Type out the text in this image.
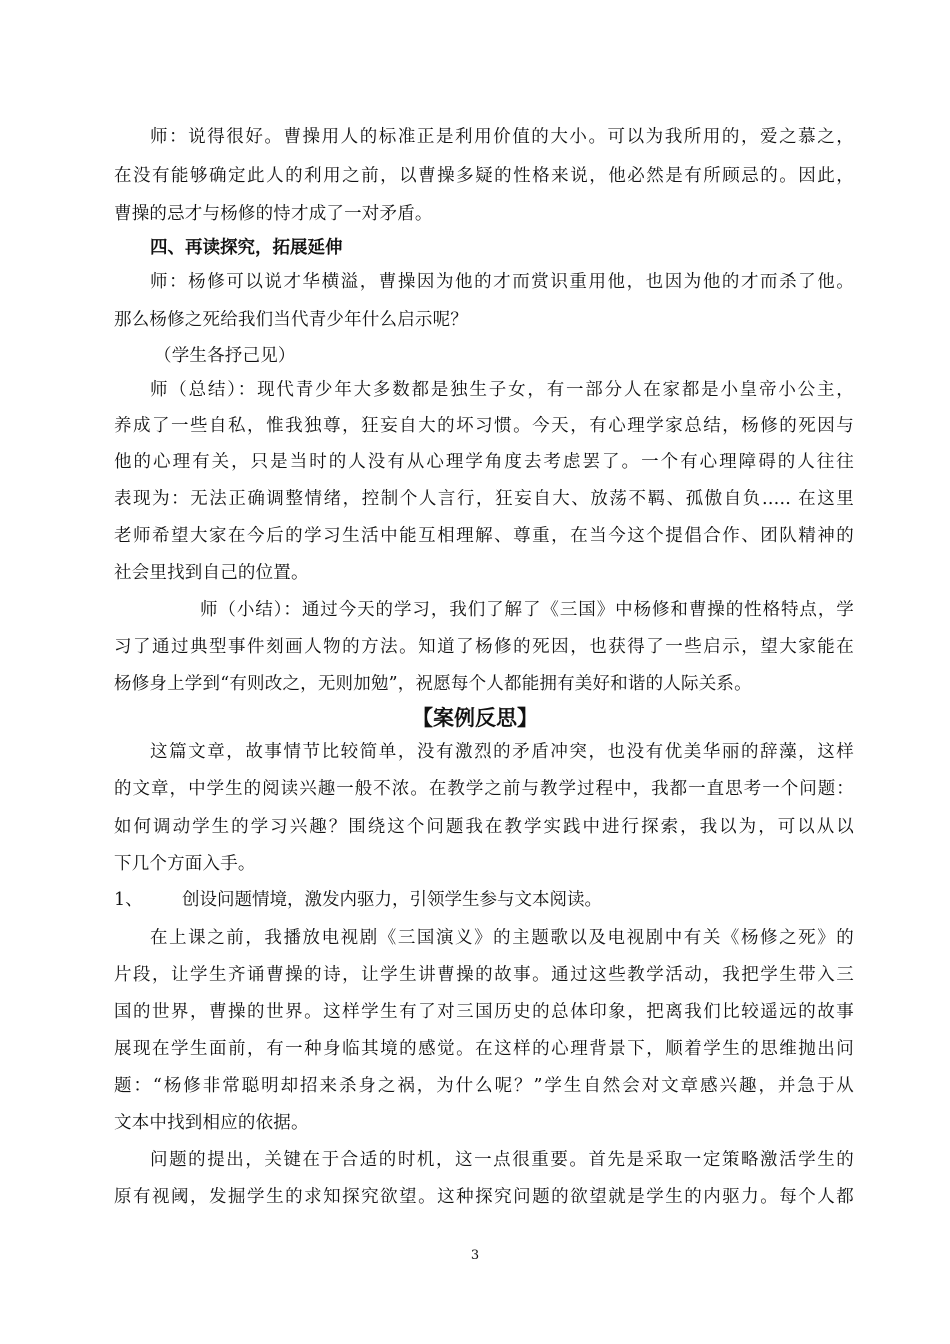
师：说得很好。曹操用人的标准正是利用价值的大小。可以为我所用的，爱之慕之，
在没有能够确定此人的利用之前，以曹操多疑的性格来说，他必然是有所顾忌的。因此，
曹操的忌才与杨修的恃才成了一对矛盾。
四、再读探究，拓展延伸
师：杨修可以说才华横溢，曹操因为他的才而赏识重用他，也因为他的才而杀了他。
那么杨修之死给我们当代青少年什么启示呢？
（学生各抒己见）
师（总结）：现代青少年大多数都是独生子女，有一部分人在家都是小皇帝小公主，
养成了一些自私，惟我独尊，狂妄自大的坏习惯。今天，有心理学家总结，杨修的死因与
他的心理有关，只是当时的人没有从心理学角度去考虑罢了。一个有心理障碍的人往往
表现为：无法正确调整情绪，控制个人言行，狂妄自大、放荡不羁、孤傲自负….. 在这里
老师希望大家在今后的学习生活中能互相理解、尊重，在当今这个提倡合作、团队精神的
社会里找到自己的位置。
师（小结）：通过今天的学习，我们了解了《三国》中杨修和曹操的性格特点，学
习了通过典型事件刻画人物的方法。知道了杨修的死因，也获得了一些启示，望大家能在
杨修身上学到“有则改之，无则加勉”，祝愿每个人都能拥有美好和谐的人际关系。
【案例反思】
这篇文章，故事情节比较简单，没有激烈的矛盾冲突，也没有优美华丽的辞藻，这样
的文章，中学生的阅读兴趣一般不浓。在教学之前与教学过程中，我都一直思考一个问题：
如何调动学生的学习兴趣？围绕这个问题我在教学实践中进行探索，我以为，可以从以
下几个方面入手。
1、 创设问题情境，激发内驱力，引领学生参与文本阅读。
在上课之前，我播放电视剧《三国演义》的主题歌以及电视剧中有关《杨修之死》的
片段，让学生齐诵曹操的诗，让学生讲曹操的故事。通过这些教学活动，我把学生带入三
国的世界，曹操的世界。这样学生有了对三国历史的总体印象，把离我们比较遥远的故事
展现在学生面前，有一种身临其境的感觉。在这样的心理背景下，顺着学生的思维抛出问
题：“杨修非常聪明却招来杀身之祸，为什么呢？”学生自然会对文章感兴趣，并急于从
文本中找到相应的依据。
问题的提出，关键在于合适的时机，这一点很重要。首先是采取一定策略激活学生的
原有视阈，发掘学生的求知探究欲望。这种探究问题的欲望就是学生的内驱力。每个人都
3
